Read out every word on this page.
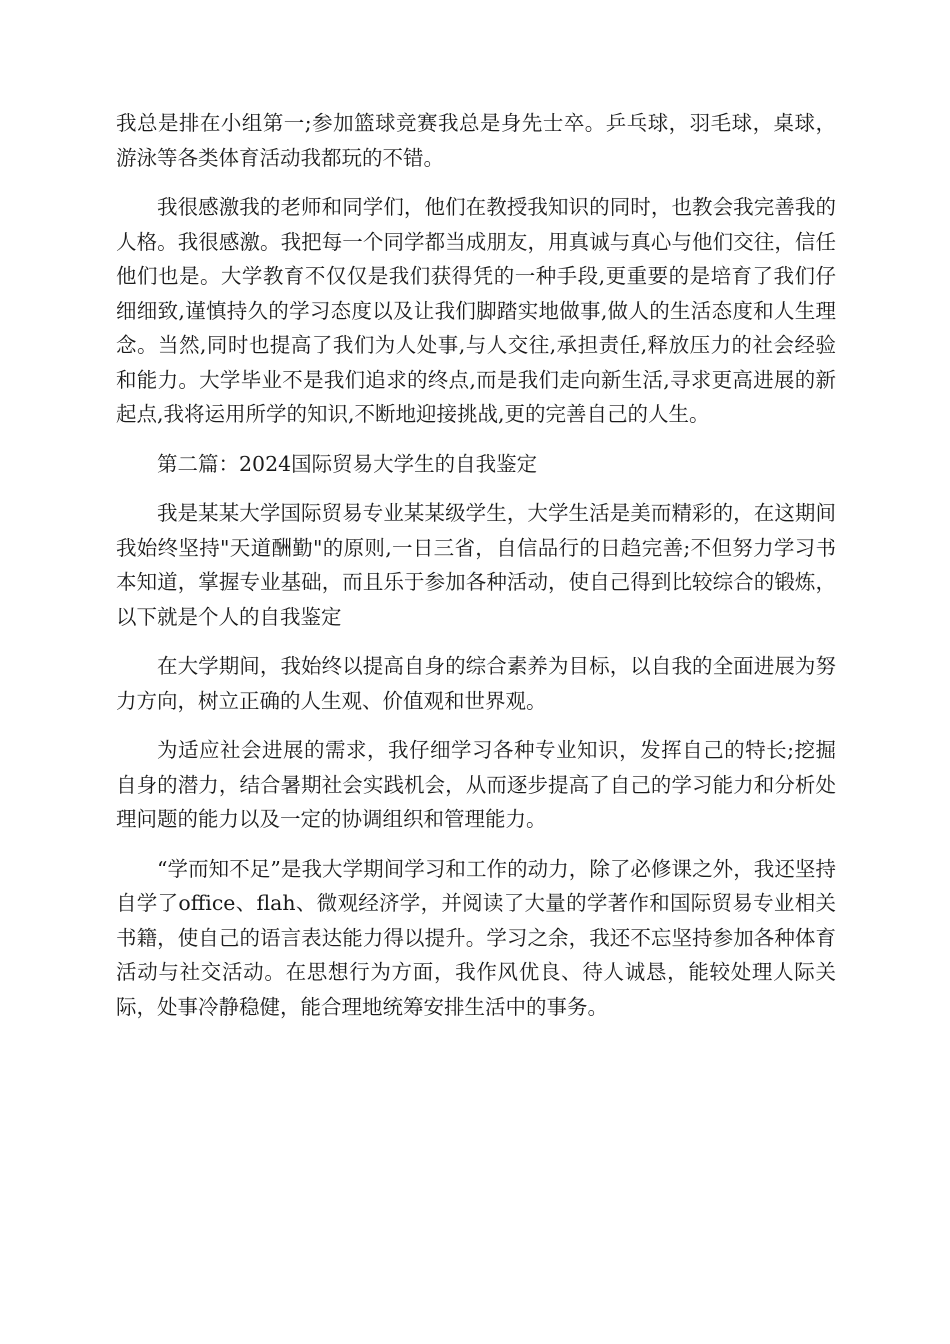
我总是排在小组第一;参加篮球竞赛我总是身先士卒。乒乓球，羽毛球，桌球，游泳等各类体育活动我都玩的不错。

我很感激我的老师和同学们，他们在教授我知识的同时，也教会我完善我的人格。我很感激。我把每一个同学都当成朋友，用真诚与真心与他们交往，信任他们也是。大学教育不仅仅是我们获得凭的一种手段,更重要的是培育了我们仔细细致,谨慎持久的学习态度以及让我们脚踏实地做事,做人的生活态度和人生理念。当然,同时也提高了我们为人处事,与人交往,承担责任,释放压力的社会经验和能力。大学毕业不是我们追求的终点,而是我们走向新生活,寻求更高进展的新起点,我将运用所学的知识,不断地迎接挑战,更的完善自己的人生。

第二篇：2024国际贸易大学生的自我鉴定

我是某某大学国际贸易专业某某级学生，大学生活是美而精彩的，在这期间我始终坚持"天道酬勤"的原则,一日三省，自信品行的日趋完善;不但努力学习书本知道，掌握专业基础，而且乐于参加各种活动，使自己得到比较综合的锻炼，以下就是个人的自我鉴定

在大学期间，我始终以提高自身的综合素养为目标，以自我的全面进展为努力方向，树立正确的人生观、价值观和世界观。

为适应社会进展的需求，我仔细学习各种专业知识，发挥自己的特长;挖掘自身的潜力，结合暑期社会实践机会，从而逐步提高了自己的学习能力和分析处理问题的能力以及一定的协调组织和管理能力。

“学而知不足”是我大学期间学习和工作的动力，除了必修课之外，我还坚持自学了office、flah、微观经济学，并阅读了大量的学著作和国际贸易专业相关书籍，使自己的语言表达能力得以提升。学习之余，我还不忘坚持参加各种体育活动与社交活动。在思想行为方面，我作风优良、待人诚恳，能较处理人际关际，处事冷静稳健，能合理地统筹安排生活中的事务。
